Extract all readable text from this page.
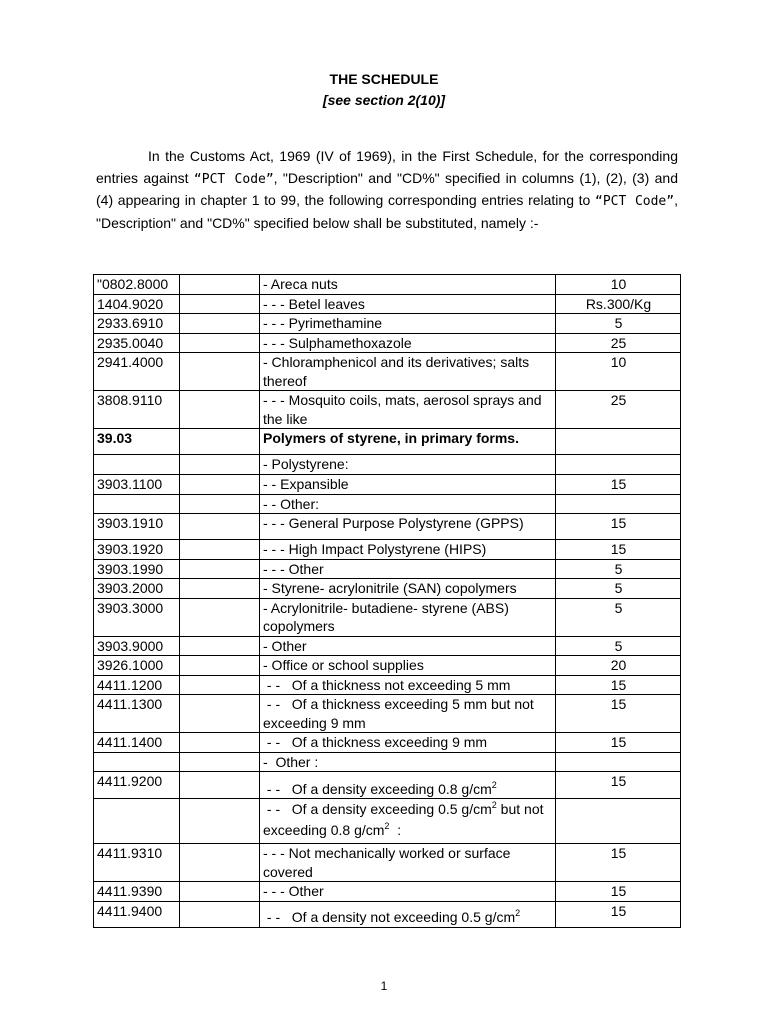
THE SCHEDULE
[see section 2(10)]

In the Customs Act, 1969 (IV of 1969), in the First Schedule, for the corresponding entries against “PCT Code”, "Description" and "CD%" specified in columns (1), (2), (3) and (4) appearing in chapter 1 to 99, the following corresponding entries relating to “PCT Code”, "Description" and "CD%" specified below shall be substituted, namely :-

"0802.8000		- Areca nuts	10
1404.9020		- - - Betel leaves	Rs.300/Kg
2933.6910		- - - Pyrimethamine	5
2935.0040		- - - Sulphamethoxazole	25
2941.4000		- Chloramphenicol and its derivatives; salts thereof	10
3808.9110		- - - Mosquito coils, mats, aerosol sprays and the like	25
39.03		Polymers of styrene, in primary forms.	
		- Polystyrene:	
3903.1100		- - Expansible	15
		- - Other:	
3903.1910		- - - General Purpose Polystyrene (GPPS)	15
3903.1920		- - - High Impact Polystyrene (HIPS)	15
3903.1990		- - - Other	5
3903.2000		- Styrene- acrylonitrile (SAN) copolymers	5
3903.3000		- Acrylonitrile- butadiene- styrene (ABS) copolymers	5
3903.9000		- Other	5
3926.1000		- Office or school supplies	20
4411.1200		- -   Of a thickness not exceeding 5 mm	15
4411.1300		- -   Of a thickness exceeding 5 mm but not exceeding 9 mm	15
4411.1400		- -   Of a thickness exceeding 9 mm	15
		-  Other :	
4411.9200		- -   Of a density exceeding 0.8 $g/cm^2$	15
		- -   Of a density exceeding 0.5 $g/cm^2$ but not exceeding 0.8 $g/cm^2$  :	
4411.9310		- - - Not mechanically worked or surface covered	15
4411.9390		- - - Other	15
4411.9400		- -   Of a density not exceeding 0.5 $g/cm^2$	15
1
